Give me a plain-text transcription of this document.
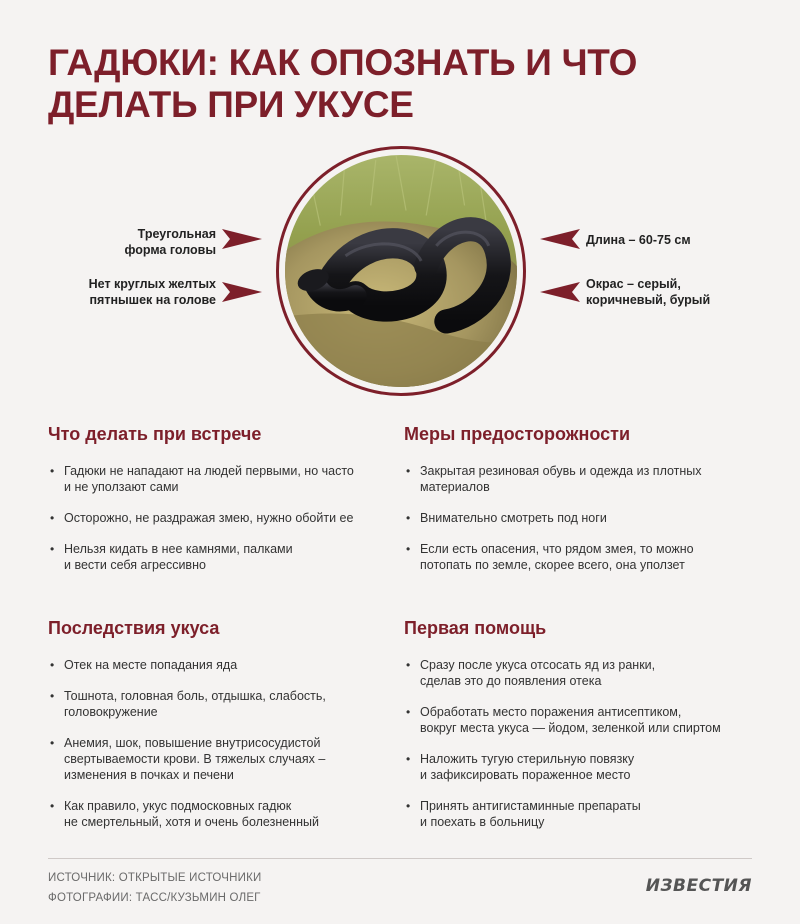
ГАДЮКИ: КАК ОПОЗНАТЬ И ЧТО ДЕЛАТЬ ПРИ УКУСЕ
Треугольная
форма головы
Нет круглых желтых
пятнышек на голове
Длина – 60-75 см
Окрас – серый,
коричневый, бурый
Что делать при встрече
• Гадюки не нападают на людей первыми, но часто
и не уползают сами
• Осторожно, не раздражая змею, нужно обойти ее
• Нельзя кидать в нее камнями, палками
и вести себя агрессивно
Меры предосторожности
• Закрытая резиновая обувь и одежда из плотных
материалов
• Внимательно смотреть под ноги
• Если есть опасения, что рядом змея, то можно
потопать по земле, скорее всего, она уползет
Последствия укуса
• Отек на месте попадания яда
• Тошнота, головная боль, отдышка, слабость,
головокружение
• Анемия, шок, повышение внутрисосудистой
свертываемости крови. В тяжелых случаях –
изменения в почках и печени
• Как правило, укус подмосковных гадюк
не смертельный, хотя и очень болезненный
Первая помощь
• Сразу после укуса отсосать яд из ранки,
сделав это до появления отека
• Обработать место поражения антисептиком,
вокруг места укуса — йодом, зеленкой или спиртом
• Наложить тугую стерильную повязку
и зафиксировать пораженное место
• Принять антигистаминные препараты
и поехать в больницу
ИСТОЧНИК: ОТКРЫТЫЕ ИСТОЧНИКИ
ФОТОГРАФИИ: ТАСС/КУЗЬМИН ОЛЕГ
ИЗВЕСТИЯ
